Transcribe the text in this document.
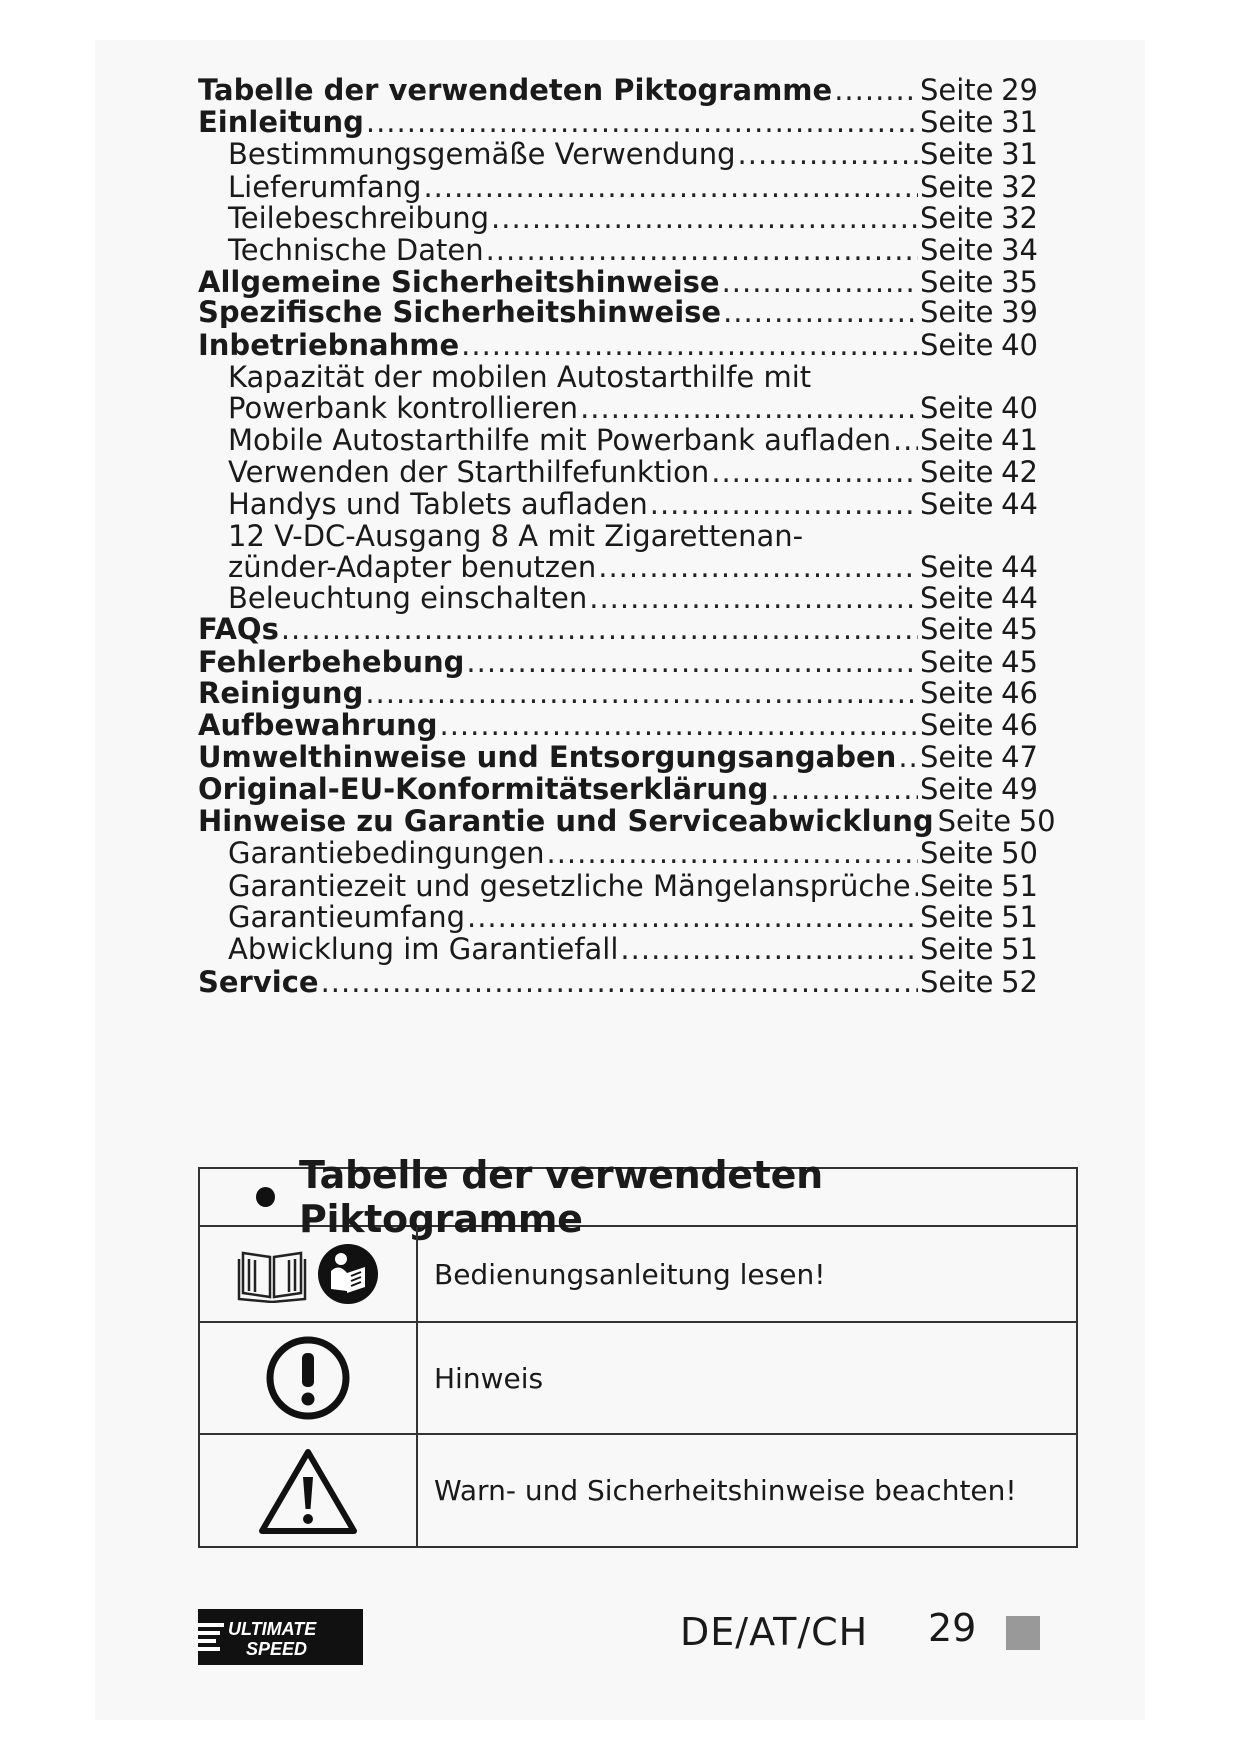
Tabelle der verwendeten Piktogramme .....	Seite 29
Einleitung .....	Seite 31
Bestimmungsgemäße Verwendung .....	Seite 31
Lieferumfang .....	Seite 32
Teilebeschreibung .....	Seite 32
Technische Daten .....	Seite 34
Allgemeine Sicherheitshinweise .....	Seite 35
Spezifische Sicherheitshinweise .....	Seite 39
Inbetriebnahme .....	Seite 40
Kapazität der mobilen Autostarthilfe mit
Powerbank kontrollieren .....	Seite 40
Mobile Autostarthilfe mit Powerbank aufladen ..... Seite 41
Verwenden der Starthilfefunktion .....	Seite 42
Handys und Tablets aufladen .....	Seite 44
12 V-DC-Ausgang 8 A mit Zigarettenan-
zünder-Adapter benutzen .....	Seite 44
Beleuchtung einschalten .....	Seite 44
FAQs .....	Seite 45
Fehlerbehebung .....	Seite 45
Reinigung .....	Seite 46
Aufbewahrung .....	Seite 46
Umwelthinweise und Entsorgungsangaben ..... Seite 47
Original-EU-Konformitätserklärung .....	Seite 49
Hinweise zu Garantie und Serviceabwicklung Seite 50
Garantiebedingungen .....	Seite 50
Garantiezeit und gesetzliche Mängelansprüche ..... Seite 51
Garantieumfang .....	Seite 51
Abwicklung im Garantiefall .....	Seite 51
Service .....	Seite 52
Tabelle der verwendeten Piktogramme
Bedienungsanleitung lesen!
Hinweis
Warn- und Sicherheitshinweise beachten!
ULTIMATE
SPEED	DE/AT/CH 29
